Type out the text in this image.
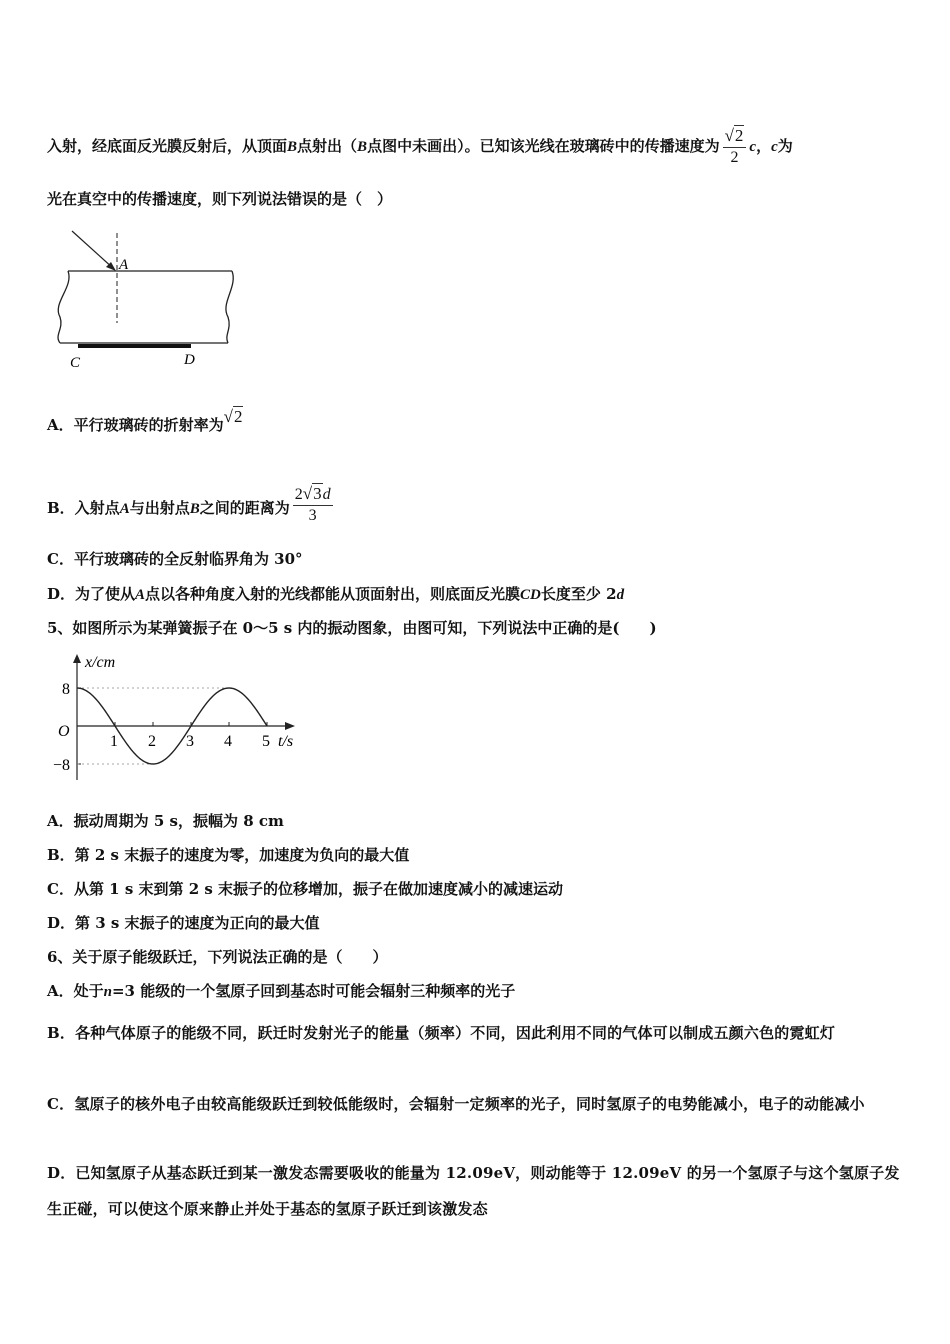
入射，经底面反光膜反射后，从顶面B点射出（B点图中未画出）。已知该光线在玻璃砖中的传播速度为 $\frac{√2}{2}$ c，c为
光在真空中的传播速度，则下列说法错误的是（　）
A
C	D
A．平行玻璃砖的折射率为√2
B．入射点A与出射点B之间的距离为 $\frac{2√3d}{3}$
C．平行玻璃砖的全反射临界角为 30°
D．为了使从A点以各种角度入射的光线都能从顶面射出，则底面反光膜CD长度至少 2d
5、如图所示为某弹簧振子在 0～5 s 内的振动图象，由图可知，下列说法中正确的是(　　)
x/cm
t/s
O
1 2 3 4 5
8
−8
A．振动周期为 5 s，振幅为 8 cm
B．第 2 s 末振子的速度为零，加速度为负向的最大值
C．从第 1 s 末到第 2 s 末振子的位移增加，振子在做加速度减小的减速运动
D．第 3 s 末振子的速度为正向的最大值
6、关于原子能级跃迁，下列说法正确的是（　　）
A．处于n=3 能级的一个氢原子回到基态时可能会辐射三种频率的光子
B．各种气体原子的能级不同，跃迁时发射光子的能量（频率）不同，因此利用不同的气体可以制成五颜六色的霓虹灯
C．氢原子的核外电子由较高能级跃迁到较低能级时，会辐射一定频率的光子，同时氢原子的电势能减小，电子的动能减小
D．已知氢原子从基态跃迁到某一激发态需要吸收的能量为 12.09eV，则动能等于 12.09eV 的另一个氢原子与这个氢原子发生正碰，可以使这个原来静止并处于基态的氢原子跃迁到该激发态
